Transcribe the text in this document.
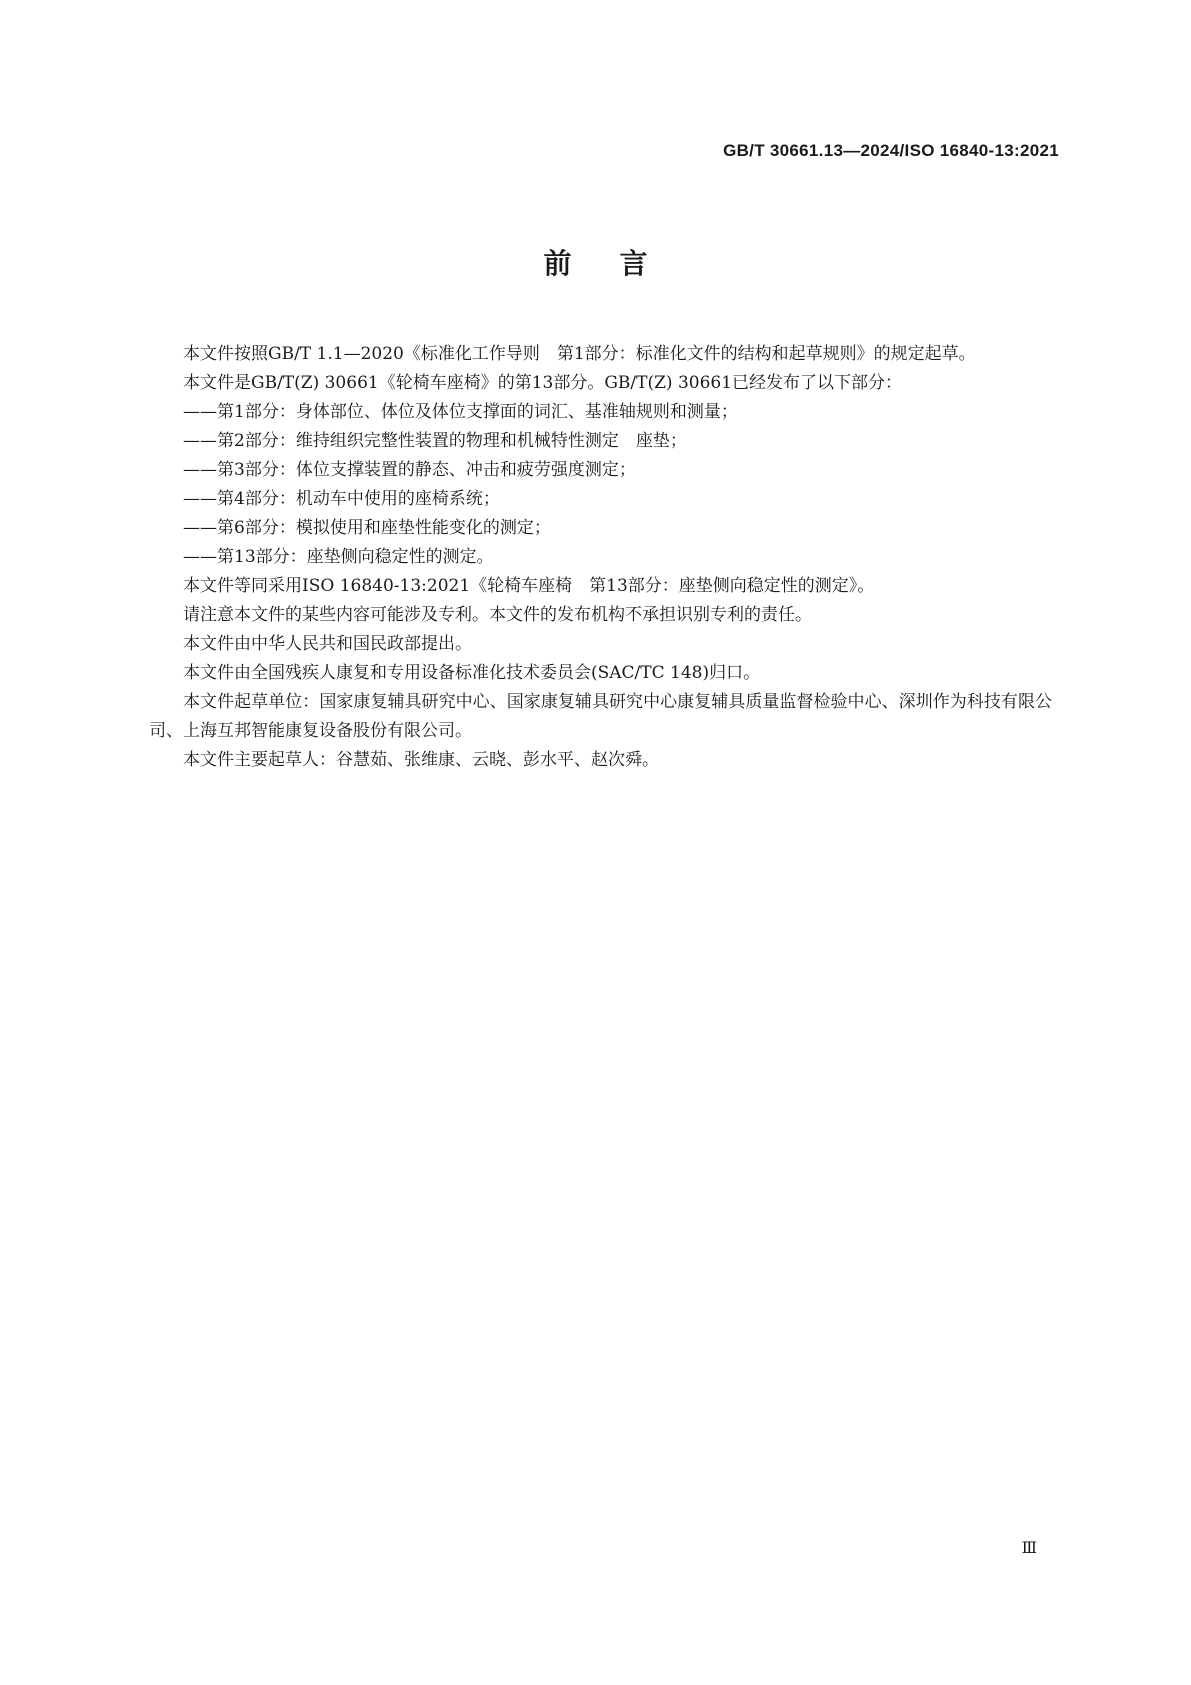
GB/T 30661.13—2024/ISO 16840-13:2021
前言

本文件按照GB/T 1.1—2020《标准化工作导则　第1部分：标准化文件的结构和起草规则》的规定起草。

本文件是GB/T(Z) 30661《轮椅车座椅》的第13部分。GB/T(Z) 30661已经发布了以下部分：

——第1部分：身体部位、体位及体位支撑面的词汇、基准轴规则和测量；

——第2部分：维持组织完整性装置的物理和机械特性测定　座垫；

——第3部分：体位支撑装置的静态、冲击和疲劳强度测定；

——第4部分：机动车中使用的座椅系统；

——第6部分：模拟使用和座垫性能变化的测定；

——第13部分：座垫侧向稳定性的测定。

本文件等同采用ISO 16840-13:2021《轮椅车座椅　第13部分：座垫侧向稳定性的测定》。

请注意本文件的某些内容可能涉及专利。本文件的发布机构不承担识别专利的责任。

本文件由中华人民共和国民政部提出。

本文件由全国残疾人康复和专用设备标准化技术委员会(SAC/TC 148)归口。

本文件起草单位：国家康复辅具研究中心、国家康复辅具研究中心康复辅具质量监督检验中心、深圳作为科技有限公司、上海互邦智能康复设备股份有限公司。

本文件主要起草人：谷慧茹、张维康、云晓、彭水平、赵次舜。

Ⅲ
